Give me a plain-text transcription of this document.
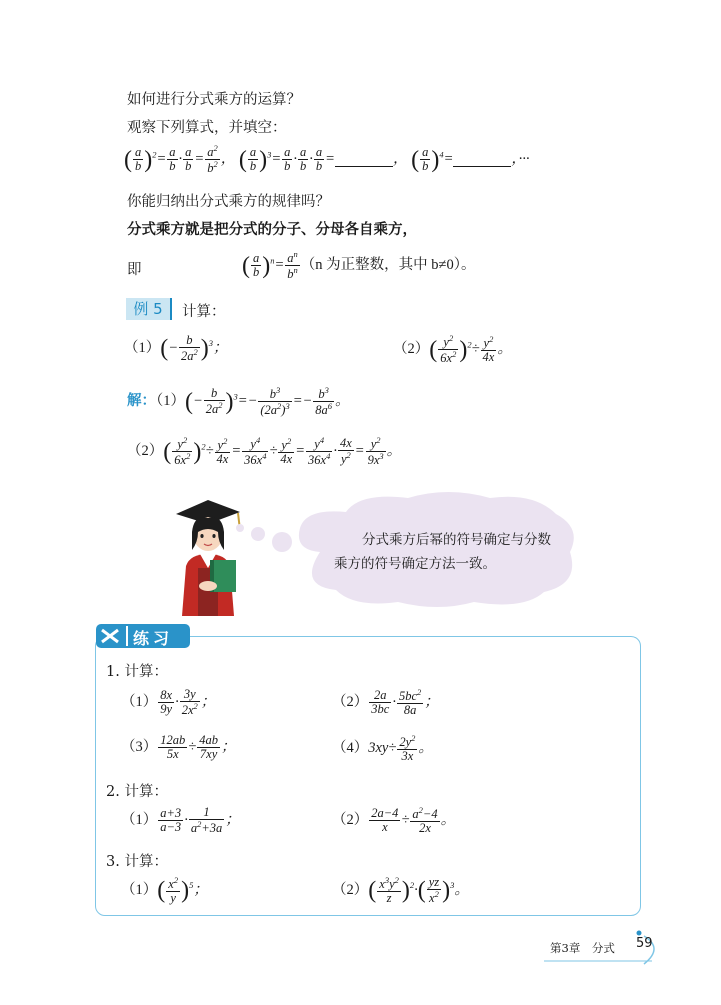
如何进行分式乘方的运算？
观察下列算式，并填空：
( $\frac{a}{b} )^2= \frac{a}{b} \cdot \frac{a}{b} = \frac{a^2}{b^2}$ ， ( $\frac{a}{b} )^3= \frac{a}{b} \cdot \frac{a}{b} \cdot \frac{a}{b}$ =	， ( $\frac{a}{b} )^4=$	，···
你能归纳出分式乘方的规律吗？
分式乘方就是把分式的分子、分母各自乘方，
即	( $\frac{a}{b} )^n= \frac{a^n}{b^n} (n$ 为正整数，其中 b≠0）。
例 5	计算：
$(1)(- \frac{b}{2a^2} )^3$；	$(2)( \frac{y^2}{6x^2} )^2\div \frac{y^2}{4x}$ 。
解：$(1)(- \frac{b}{2a^2} )^3=- \frac{b^3}{(2a^2)^3} =- \frac{b^3}{8a^6}$ 。
$(2)( \frac{y^2}{6x^2} )^2\div \frac{y^2}{4x} = \frac{y^4}{36x^4} \div \frac{y^2}{4x} = \frac{y^4}{36x^4} \cdot \frac{4x}{y^2} = \frac{y^2}{9x^3}$ 。
分式乘方后幂的符号确定与分数
乘方的符号确定方法一致。
练习
1. 计算：
$(1) \frac{8x}{9y} \cdot \frac{3y}{2x^2}$ ；	$(2) \frac{2a}{3bc} \cdot \frac{5bc^2}{8a}$ ；
$(3) \frac{12ab}{5x} \div \frac{4ab}{7xy}$ ；	$(4)3xy\div \frac{2y^2}{3x}$ 。
2. 计算：
$(1) \frac{a+3}{a-3} \cdot \frac{1}{a^2+3a}$ ；	$(2) \frac{2a-4}{x} \div \frac{a^2-4}{2x}$ 。
3. 计算：
$(1)( \frac{x^2}{y} )^5$；	$(2)( \frac{x^3y^2}{z} )^2\cdot( \frac{yz}{x^2} )^3$。
第3章　分式 59
